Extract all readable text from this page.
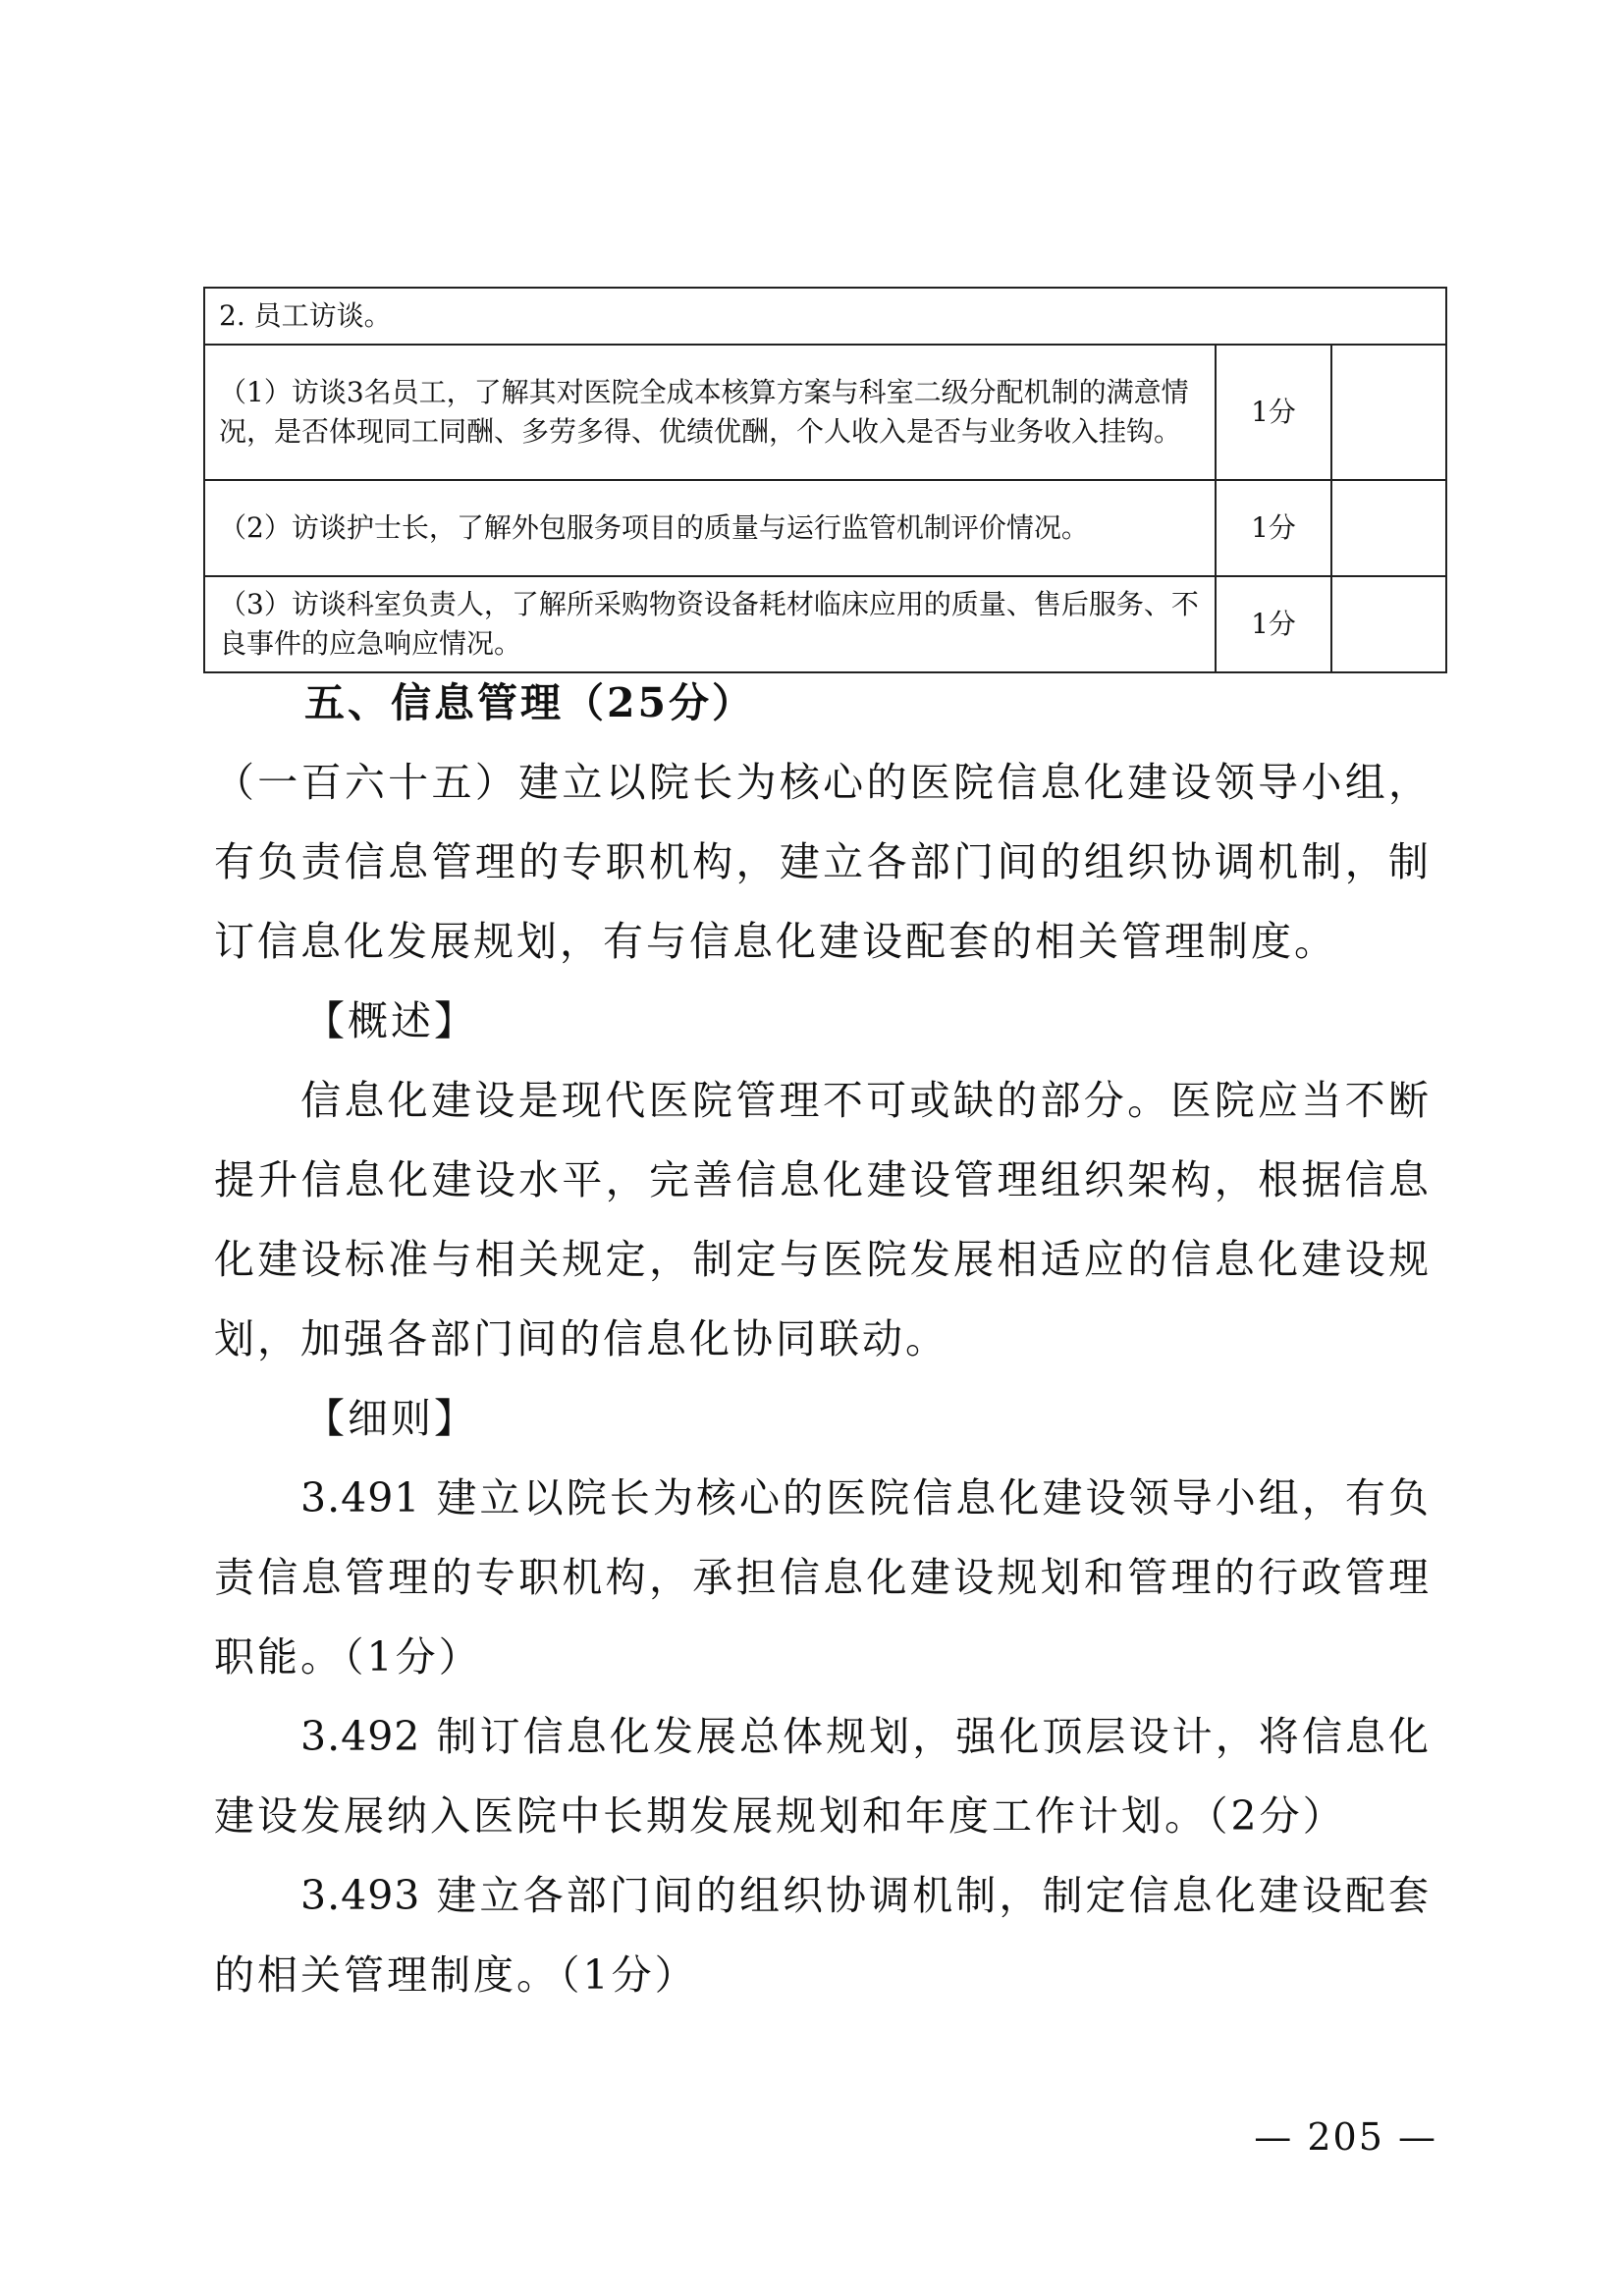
2. 员工访谈。		
（1）访谈3名员工，了解其对医院全成本核算方案与科室二级分配机制的满意情况，是否体现同工同酬、多劳多得、优绩优酬，个人收入是否与业务收入挂钩。	1分	
（2）访谈护士长，了解外包服务项目的质量与运行监管机制评价情况。	1分	
（3）访谈科室负责人，了解所采购物资设备耗材临床应用的质量、售后服务、不良事件的应急响应情况。	1分	

五、信息管理（25分）

（一百六十五）建立以院长为核心的医院信息化建设领导小组，有负责信息管理的专职机构，建立各部门间的组织协调机制，制订信息化发展规划，有与信息化建设配套的相关管理制度。

【概述】

信息化建设是现代医院管理不可或缺的部分。医院应当不断提升信息化建设水平，完善信息化建设管理组织架构，根据信息化建设标准与相关规定，制定与医院发展相适应的信息化建设规划，加强各部门间的信息化协同联动。

【细则】

3.491 建立以院长为核心的医院信息化建设领导小组，有负责信息管理的专职机构，承担信息化建设规划和管理的行政管理职能。（1分）

3.492 制订信息化发展总体规划，强化顶层设计，将信息化建设发展纳入医院中长期发展规划和年度工作计划。（2分）

3.493 建立各部门间的组织协调机制，制定信息化建设配套的相关管理制度。（1分）

— 205 —
